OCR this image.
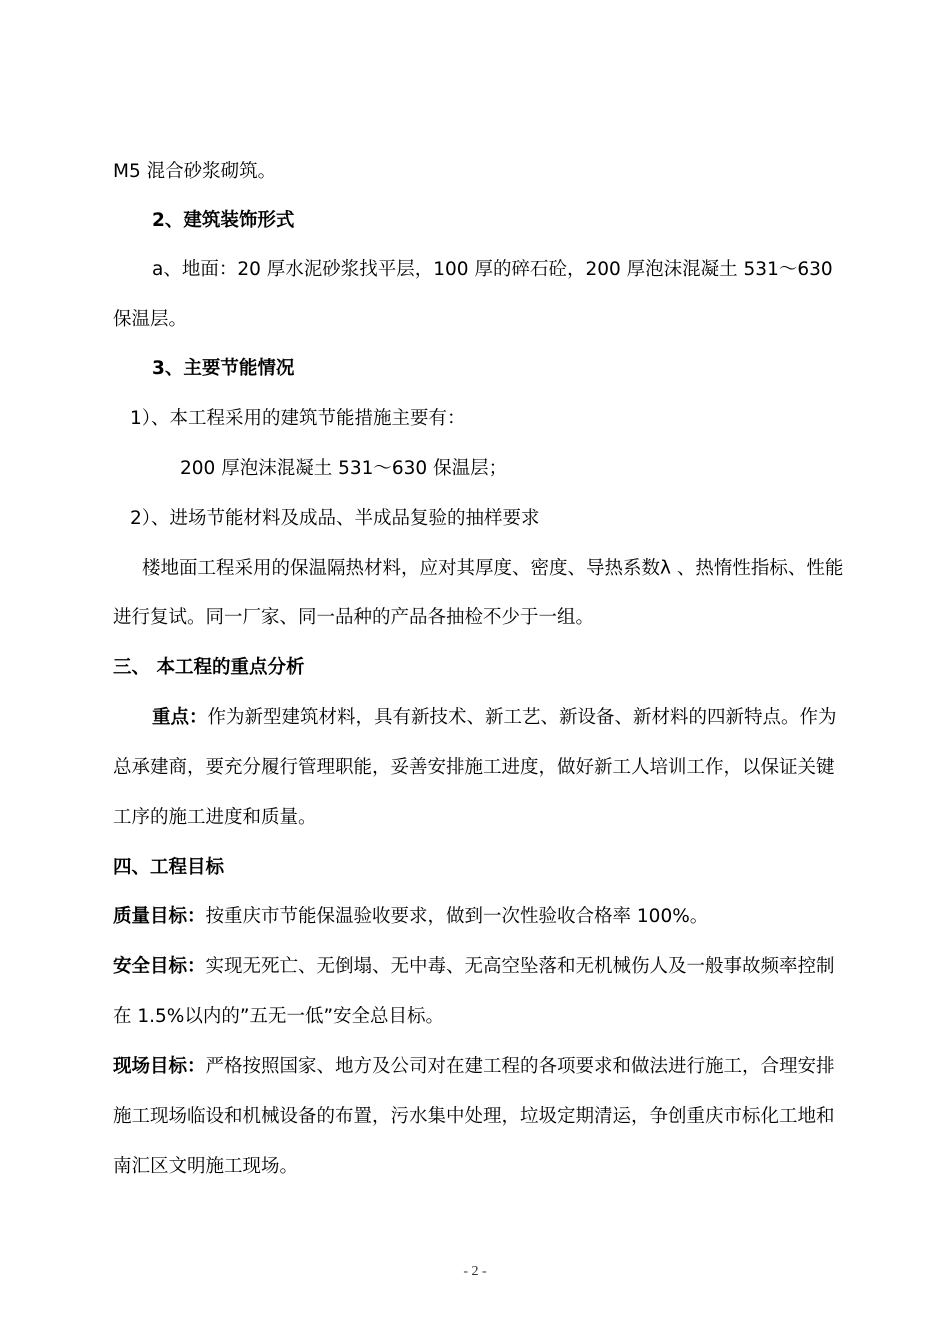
M5 混合砂浆砌筑。
2、建筑装饰形式
a、地面：20 厚水泥砂浆找平层，100 厚的碎石砼，200 厚泡沫混凝土 531～630
保温层。
3、主要节能情况
1）、本工程采用的建筑节能措施主要有：
200 厚泡沫混凝土 531～630 保温层；
2）、进场节能材料及成品、半成品复验的抽样要求
楼地面工程采用的保温隔热材料，应对其厚度、密度、导热系数λ 、热惰性指标、性能
进行复试。同一厂家、同一品种的产品各抽检不少于一组。
三、 本工程的重点分析
重点：作为新型建筑材料，具有新技术、新工艺、新设备、新材料的四新特点。作为
总承建商，要充分履行管理职能，妥善安排施工进度，做好新工人培训工作，以保证关键
工序的施工进度和质量。
四、工程目标
质量目标：按重庆市节能保温验收要求，做到一次性验收合格率 100%。
安全目标：实现无死亡、无倒塌、无中毒、无高空坠落和无机械伤人及一般事故频率控制
在 1.5%以内的”五无一低”安全总目标。
现场目标：严格按照国家、地方及公司对在建工程的各项要求和做法进行施工，合理安排
施工现场临设和机械设备的布置，污水集中处理，垃圾定期清运，争创重庆市标化工地和
南汇区文明施工现场。
- 2 -
